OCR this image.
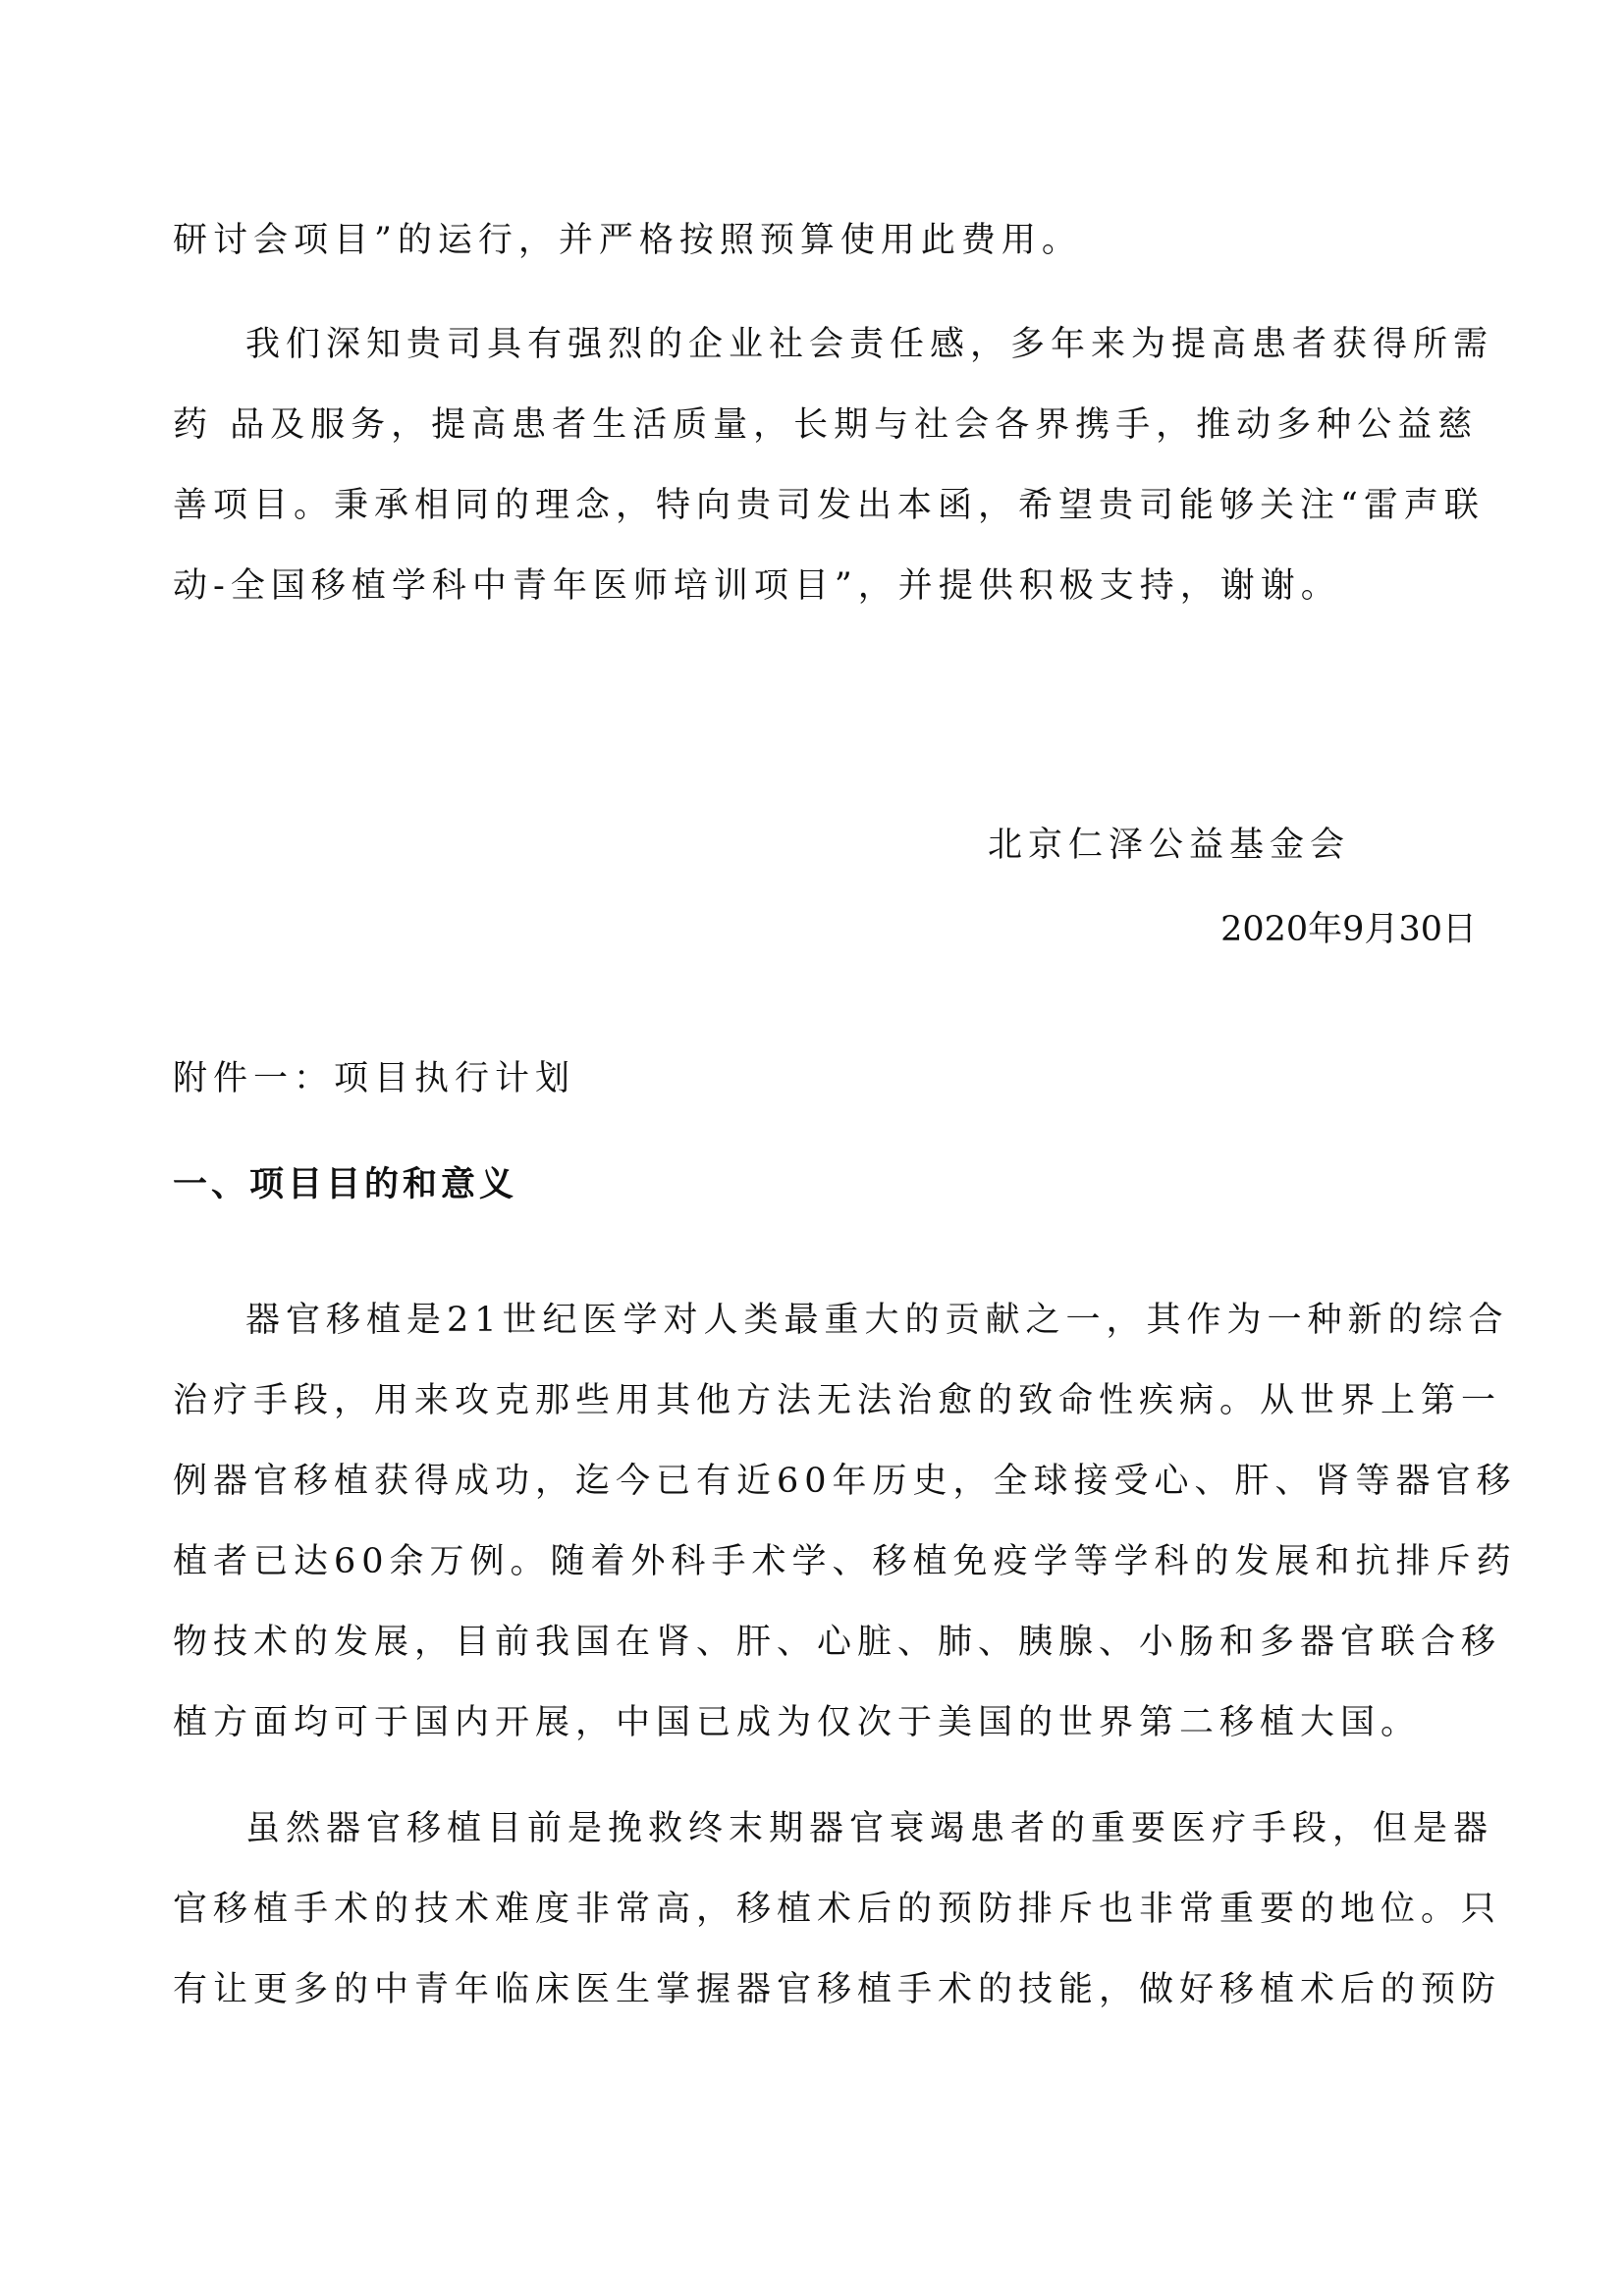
研讨会项目”的运行，并严格按照预算使用此费用。
我们深知贵司具有强烈的企业社会责任感，多年来为提高患者获得所需
药 品及服务，提高患者生活质量，长期与社会各界携手，推动多种公益慈
善项目。秉承相同的理念，特向贵司发出本函，希望贵司能够关注“雷声联
动-全国移植学科中青年医师培训项目”，并提供积极支持，谢谢。
北京仁泽公益基金会
2020年9月30日
附件一：项目执行计划
一、项目目的和意义
器官移植是21世纪医学对人类最重大的贡献之一，其作为一种新的综合
治疗手段，用来攻克那些用其他方法无法治愈的致命性疾病。从世界上第一
例器官移植获得成功，迄今已有近60年历史，全球接受心、肝、肾等器官移
植者已达60余万例。随着外科手术学、移植免疫学等学科的发展和抗排斥药
物技术的发展，目前我国在肾、肝、心脏、肺、胰腺、小肠和多器官联合移
植方面均可于国内开展，中国已成为仅次于美国的世界第二移植大国。
虽然器官移植目前是挽救终末期器官衰竭患者的重要医疗手段，但是器
官移植手术的技术难度非常高，移植术后的预防排斥也非常重要的地位。只
有让更多的中青年临床医生掌握器官移植手术的技能，做好移植术后的预防
